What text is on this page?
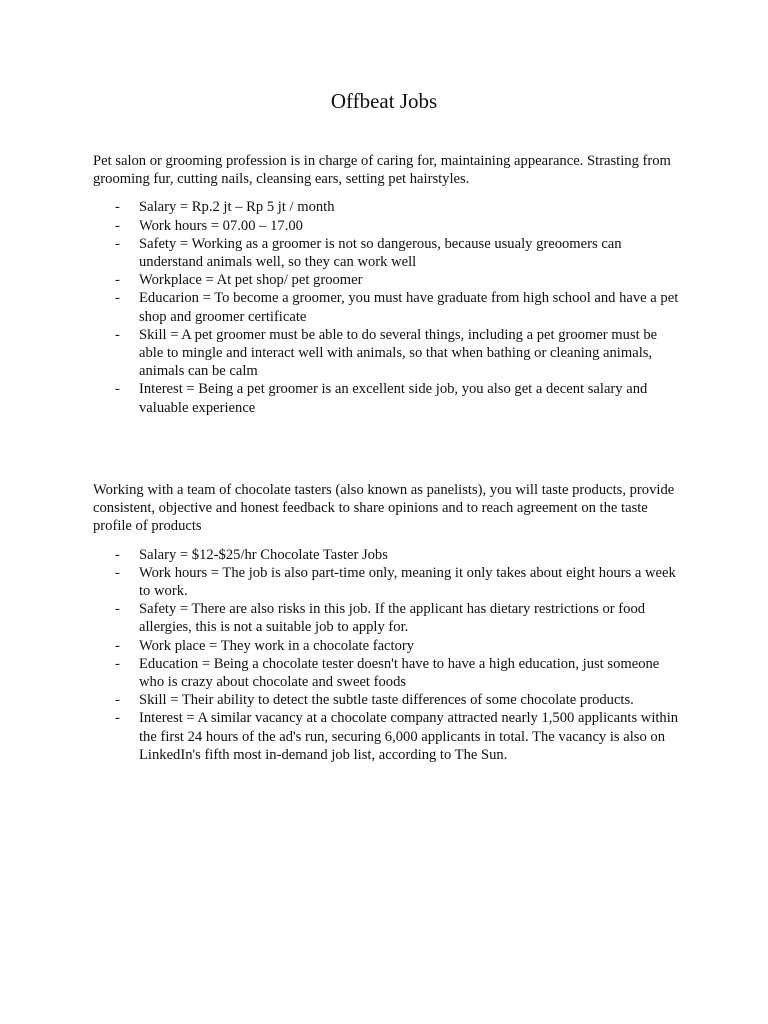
Offbeat Jobs

Pet salon or grooming profession is in charge of caring for, maintaining appearance. Strasting from grooming fur, cutting nails, cleansing ears, setting pet hairstyles.

- Salary = Rp.2 jt – Rp 5 jt / month
- Work hours = 07.00 – 17.00
- Safety = Working as a groomer is not so dangerous, because usualy greoomers can understand animals well, so they can work well
- Workplace = At pet shop/ pet groomer
- Educarion = To become a groomer, you must have graduate from high school and have a pet shop and groomer certificate
- Skill = A pet groomer must be able to do several things, including a pet groomer must be able to mingle and interact well with animals, so that when bathing or cleaning animals, animals can be calm
- Interest = Being a pet groomer is an excellent side job, you also get a decent salary and valuable experience

Working with a team of chocolate tasters (also known as panelists), you will taste products, provide consistent, objective and honest feedback to share opinions and to reach agreement on the taste profile of products

- Salary = $12-$25/hr Chocolate Taster Jobs
- Work hours = The job is also part-time only, meaning it only takes about eight hours a week to work.
- Safety = There are also risks in this job. If the applicant has dietary restrictions or food allergies, this is not a suitable job to apply for.
- Work place = They work in a chocolate factory
- Education = Being a chocolate tester doesn't have to have a high education, just someone who is crazy about chocolate and sweet foods
- Skill = Their ability to detect the subtle taste differences of some chocolate products.
- Interest = A similar vacancy at a chocolate company attracted nearly 1,500 applicants within the first 24 hours of the ad's run, securing 6,000 applicants in total. The vacancy is also on LinkedIn's fifth most in-demand job list, according to The Sun.
